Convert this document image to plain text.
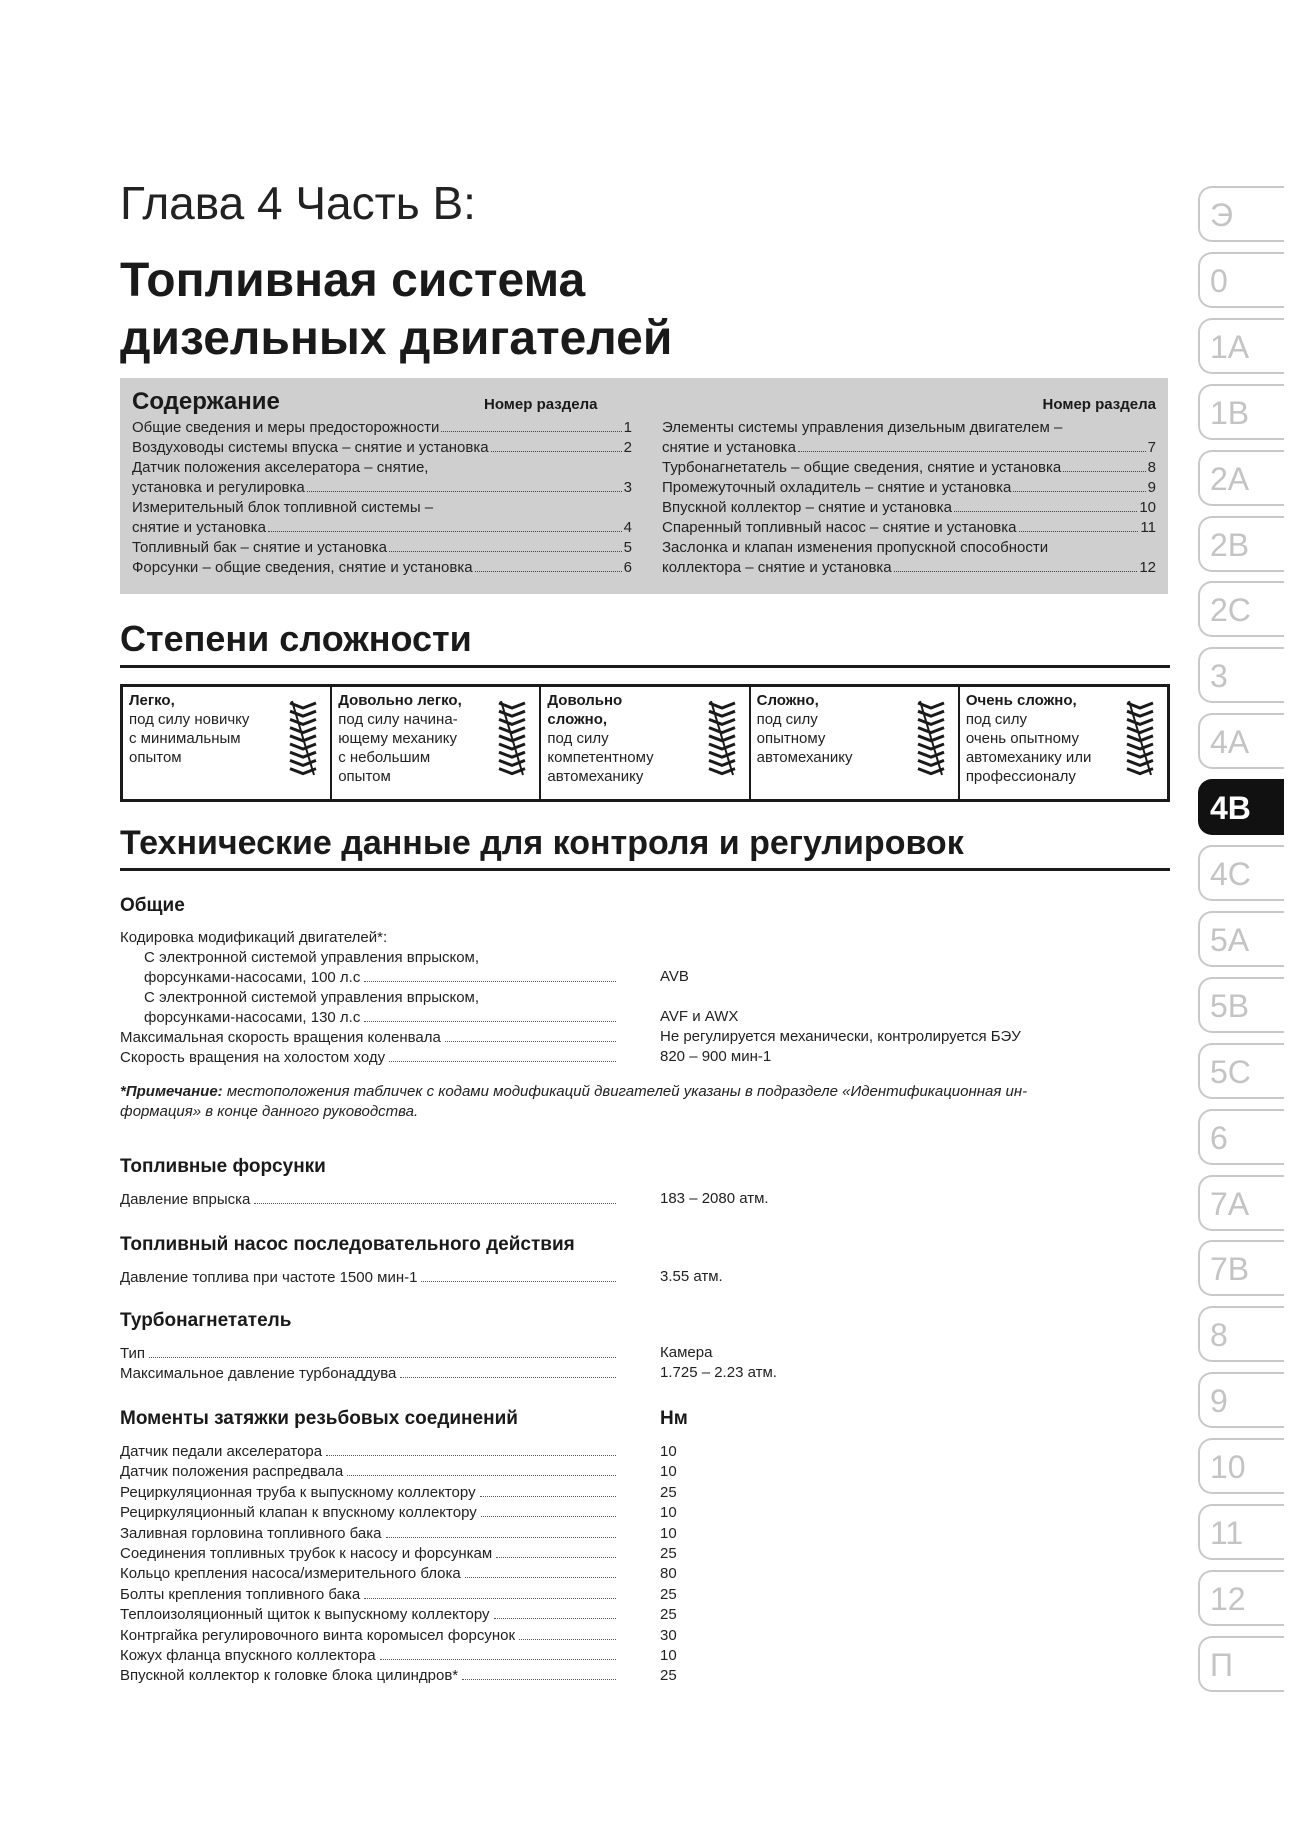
Глава 4 Часть В:
Топливная система
дизельных двигателей
Содержание	Номер раздела	Номер раздела
Общие сведения и меры предосторожности	1
Воздуховоды системы впуска – снятие и установка	2
Датчик положения акселератора – снятие,
установка и регулировка	3
Измерительный блок топливной системы –
снятие и установка	4
Топливный бак – снятие и установка	5
Форсунки – общие сведения, снятие и установка	6
Элементы системы управления дизельным двигателем –
снятие и установка	7
Турбонагнетатель – общие сведения, снятие и установка	8
Промежуточный охладитель – снятие и установка	9
Впускной коллектор – снятие и установка	10
Спаренный топливный насос – снятие и установка	11
Заслонка и клапан изменения пропускной способности
коллектора – снятие и установка	12
Степени сложности
Легко,
под силу новичку
с минимальным
опытом
Довольно легко,
под силу начина-
ющему механику
с небольшим
опытом
Довольно
сложно,
под силу
компетентному
автомеханику
Сложно,
под силу
опытному
автомеханику
Очень сложно,
под силу
очень опытному
автомеханику или
профессионалу
Технические данные для контроля и регулировок
Общие
Кодировка модификаций двигателей*:
С электронной системой управления впрыском,
форсунками-насосами, 100 л.с	AVB
С электронной системой управления впрыском,
форсунками-насосами, 130 л.с	AVF и AWX
Максимальная скорость вращения коленвала	Не регулируется механически, контролируется БЭУ
Скорость вращения на холостом ходу	820 – 900 мин-1
*Примечание: местоположения табличек с кодами модификаций двигателей указаны в подразделе «Идентификационная ин-
формация» в конце данного руководства.
Топливные форсунки
Давление впрыска	183 – 2080 атм.
Топливный насос последовательного действия
Давление топлива при частоте 1500 мин-1	3.55 атм.
Турбонагнетатель
Тип	Камера
Максимальное давление турбонаддува	1.725 – 2.23 атм.
Моменты затяжки резьбовых соединений	Нм
Датчик педали акселератора	10
Датчик положения распредвала	10
Рециркуляционная труба к выпускному коллектору	25
Рециркуляционный клапан к впускному коллектору	10
Заливная горловина топливного бака	10
Соединения топливных трубок к насосу и форсункам	25
Кольцо крепления насоса/измерительного блока	80
Болты крепления топливного бака	25
Теплоизоляционный щиток к выпускному коллектору	25
Контргайка регулировочного винта коромысел форсунок	30
Кожух фланца впускного коллектора	10
Впускной коллектор к головке блока цилиндров*	25
Э
0
1A
1B
2A
2B
2C
3
4A
4B
4C
5A
5B
5C
6
7A
7B
8
9
10
11
12
П
